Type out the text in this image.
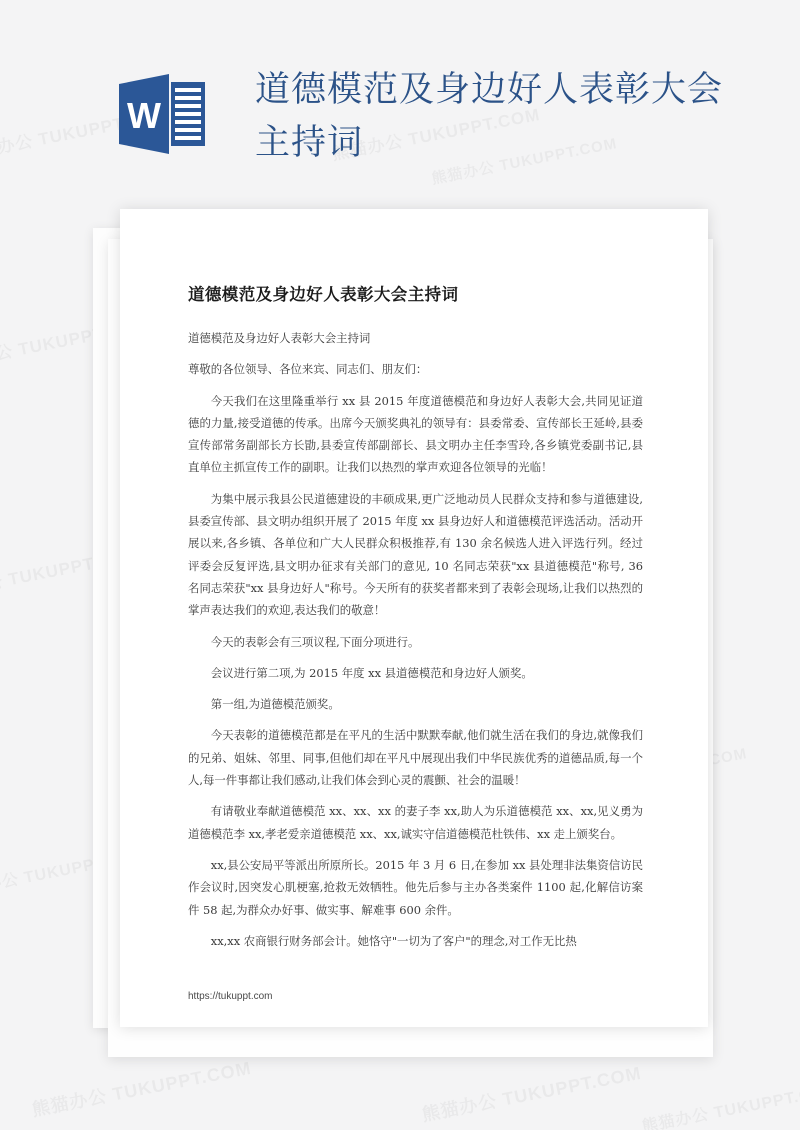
道德模范及身边好人表彰大会主持词

道德模范及身边好人表彰大会主持词

尊敬的各位领导、各位来宾、同志们、朋友们：

今天我们在这里隆重举行 xx 县 2015 年度道德模范和身边好人表彰大会,共同见证道德的力量,接受道德的传承。出席今天颁奖典礼的领导有：县委常委、宣传部长王延岭,县委宣传部常务副部长方长勖,县委宣传部副部长、县文明办主任李雪玲,各乡镇党委副书记,县直单位主抓宣传工作的副职。让我们以热烈的掌声欢迎各位领导的光临！

为集中展示我县公民道德建设的丰硕成果,更广泛地动员人民群众支持和参与道德建设,县委宣传部、县文明办组织开展了 2015 年度 xx 县身边好人和道德模范评选活动。活动开展以来,各乡镇、各单位和广大人民群众积极推荐,有 130 余名候选人进入评选行列。经过评委会反复评选,县文明办征求有关部门的意见, 10 名同志荣获"xx 县道德模范"称号, 36 名同志荣获"xx 县身边好人"称号。今天所有的获奖者都来到了表彰会现场,让我们以热烈的掌声表达我们的欢迎,表达我们的敬意！

今天的表彰会有三项议程,下面分项进行。

会议进行第二项,为 2015 年度 xx 县道德模范和身边好人颁奖。

第一组,为道德模范颁奖。

今天表彰的道德模范都是在平凡的生活中默默奉献,他们就生活在我们的身边,就像我们的兄弟、姐妹、邻里、同事,但他们却在平凡中展现出我们中华民族优秀的道德品质,每一个人,每一件事都让我们感动,让我们体会到心灵的震颤、社会的温暖！

有请敬业奉献道德模范 xx、xx、xx 的妻子李 xx,助人为乐道德模范 xx、xx,见义勇为道德模范李 xx,孝老爱亲道德模范 xx、xx,诚实守信道德模范杜铁伟、xx 走上颁奖台。

xx,县公安局平等派出所原所长。2015 年 3 月 6 日,在参加 xx 县处理非法集资信访民作会议时,因突发心肌梗塞,抢救无效牺牲。他先后参与主办各类案件 1100 起,化解信访案件 58 起,为群众办好事、做实事、解难事 600 余件。

xx,xx 农商银行财务部会计。她恪守"一切为了客户"的理念,对工作无比热

https://tukuppt.com
W
道德模范及身边好人表彰大会主持词
